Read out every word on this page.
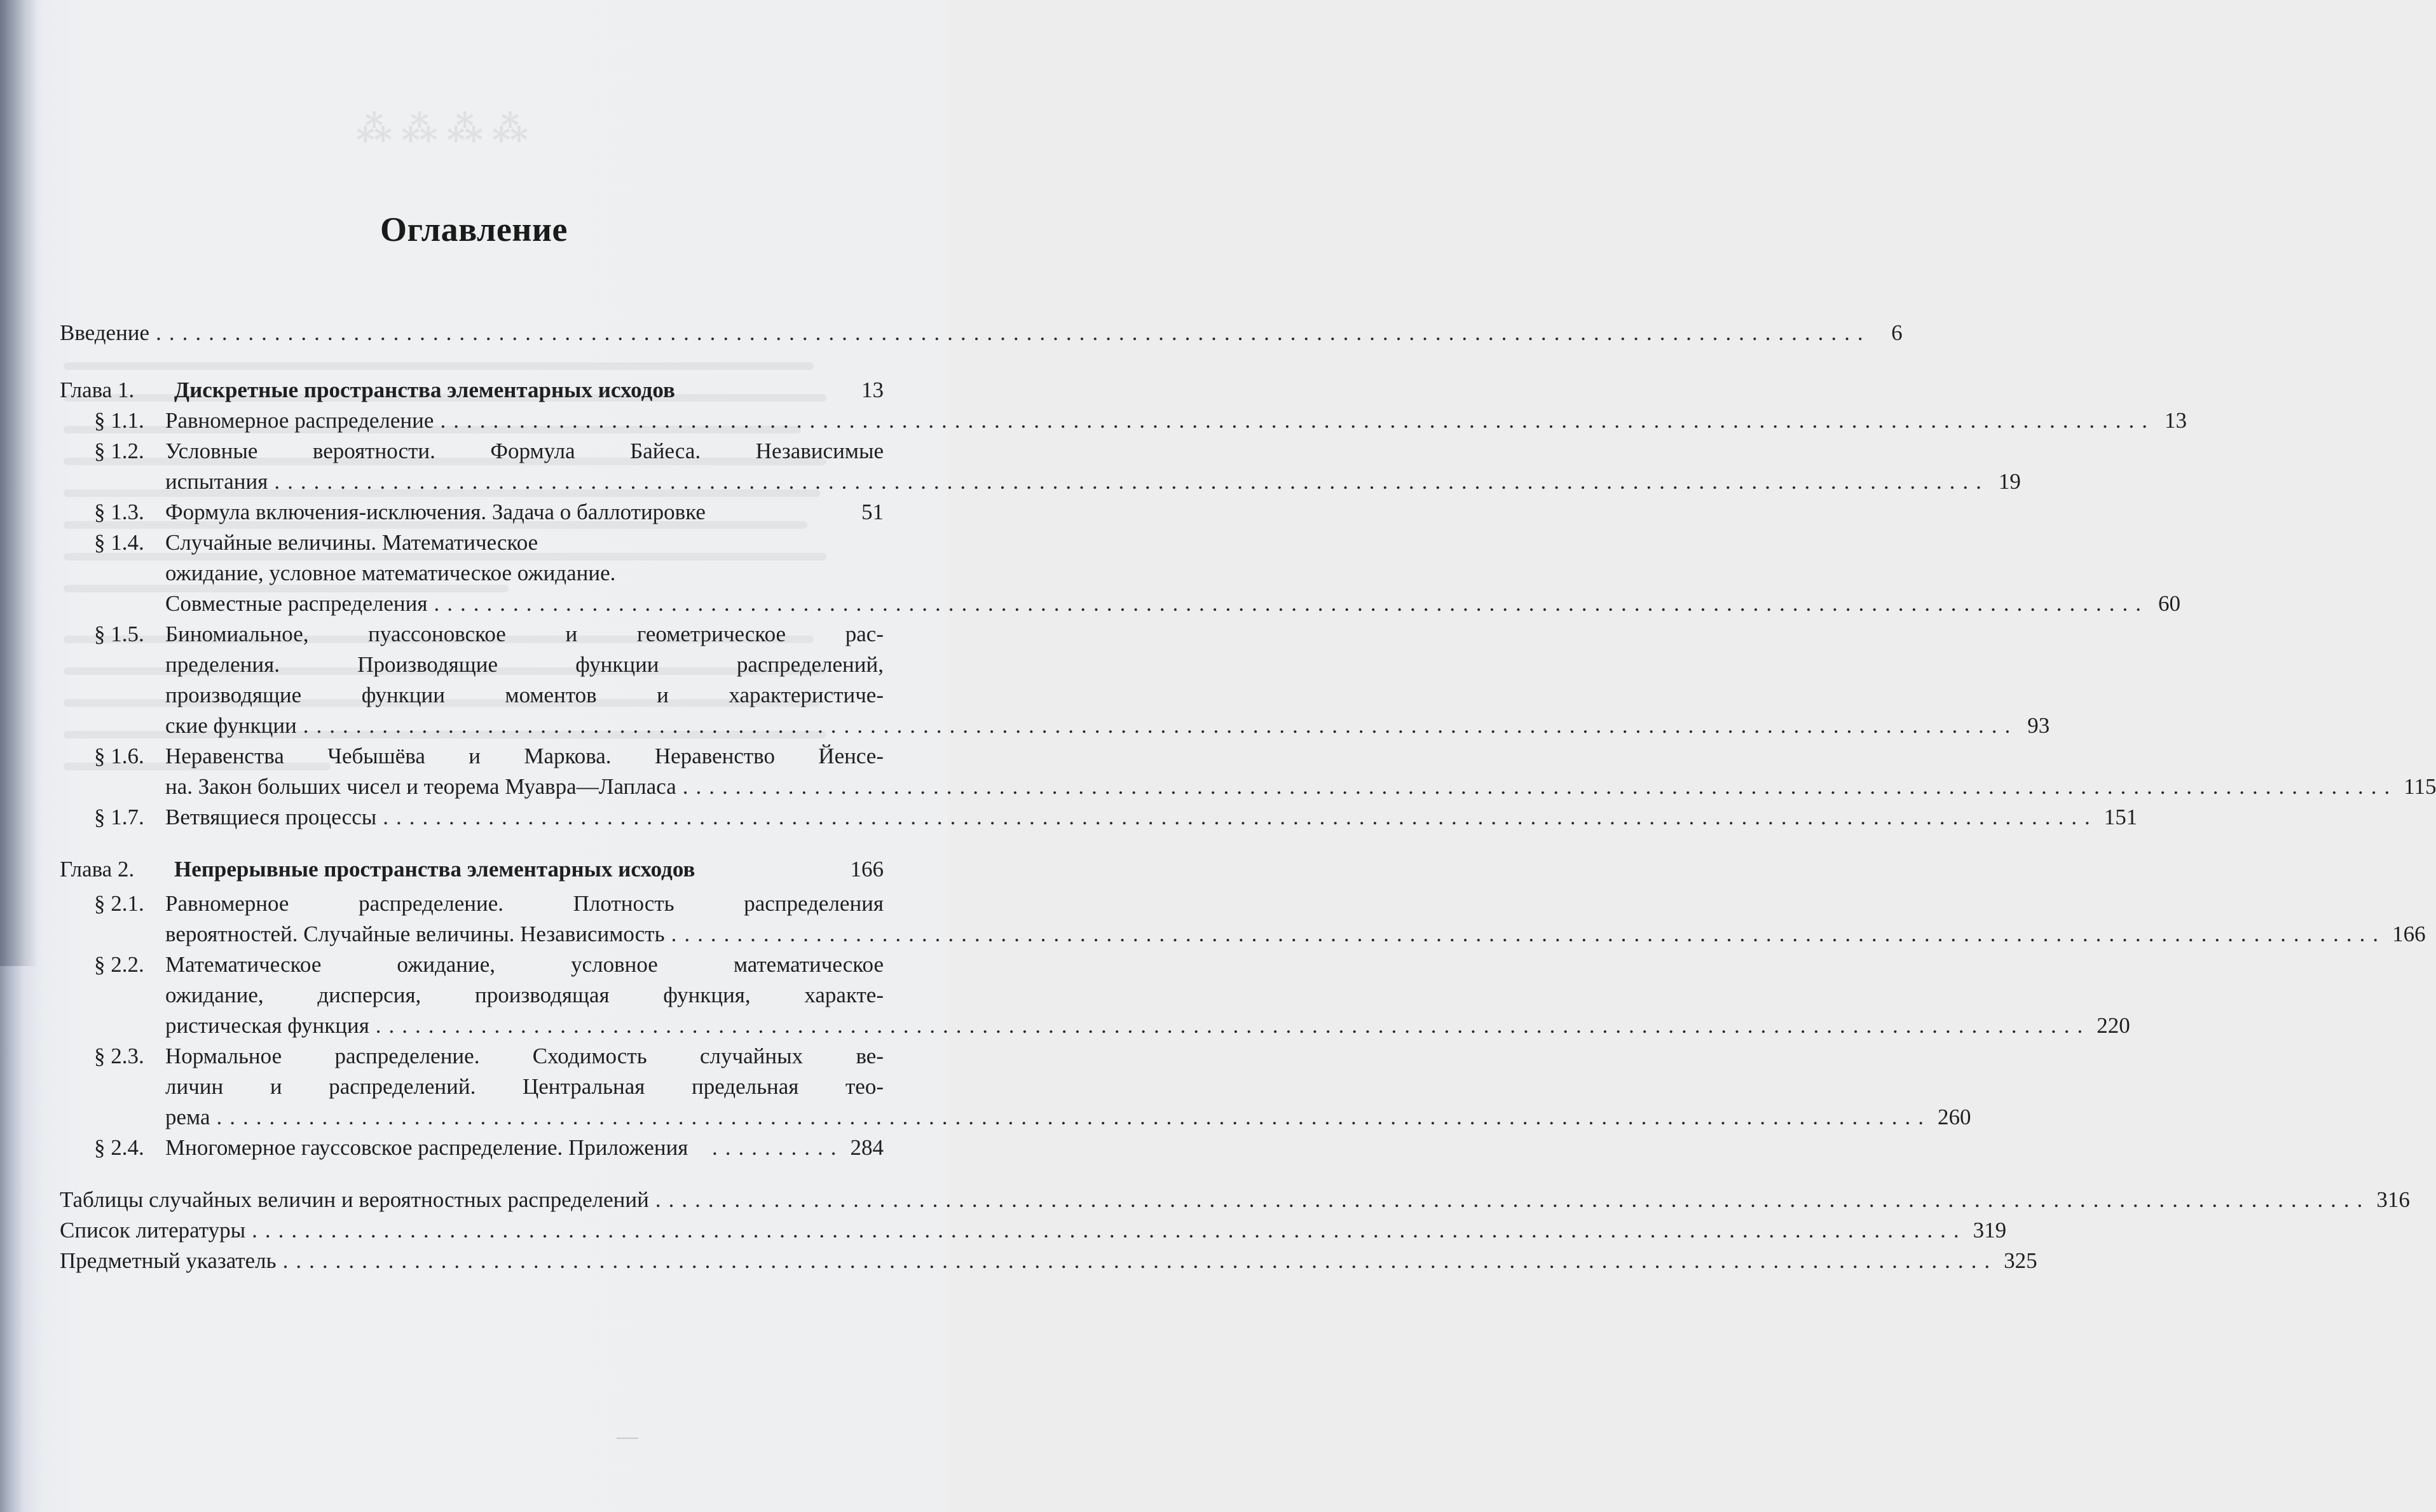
⁂ ⁂ ⁂ ⁂
Оглавление
Введение .................................................................................................................................. 6
Глава 1.	Дискретные пространства элементарных исходов	13
§ 1.1. Равномерное распределение .................................................................................................................................. 13
§ 1.2. Условные вероятности. Формула Байеса. Независимые
испытания .................................................................................................................................. 19
§ 1.3. Формула включения-исключения. Задача о баллотировке	51
§ 1.4. Случайные величины. Математическое
ожидание, условное математическое ожидание.
Совместные распределения .................................................................................................................................. 60
§ 1.5. Биномиальное, пуассоновское и геометрическое рас-
пределения. Производящие функции распределений,
производящие функции моментов и характеристиче-
ские функции .................................................................................................................................. 93
§ 1.6. Неравенства Чебышёва и Маркова. Неравенство Йенсе-
на. Закон больших чисел и теорема Муавра—Лапласа .................................................................................................................................. 115
§ 1.7. Ветвящиеся процессы .................................................................................................................................. 151
Глава 2.	Непрерывные пространства элементарных исходов	166
§ 2.1. Равномерное распределение. Плотность распределения
вероятностей. Случайные величины. Независимость .................................................................................................................................. 166
§ 2.2. Математическое ожидание, условное математическое
ожидание, дисперсия, производящая функция, характе-
ристическая функция .................................................................................................................................. 220
§ 2.3. Нормальное распределение. Сходимость случайных ве-
личин и распределений. Центральная предельная тео-
рема .................................................................................................................................. 260
§ 2.4. Многомерное гауссовское распределение. Приложения	.......... 284
Таблицы случайных величин и вероятностных распределений .................................................................................................................................. 316
Список литературы .................................................................................................................................. 319
Предметный указатель .................................................................................................................................. 325
